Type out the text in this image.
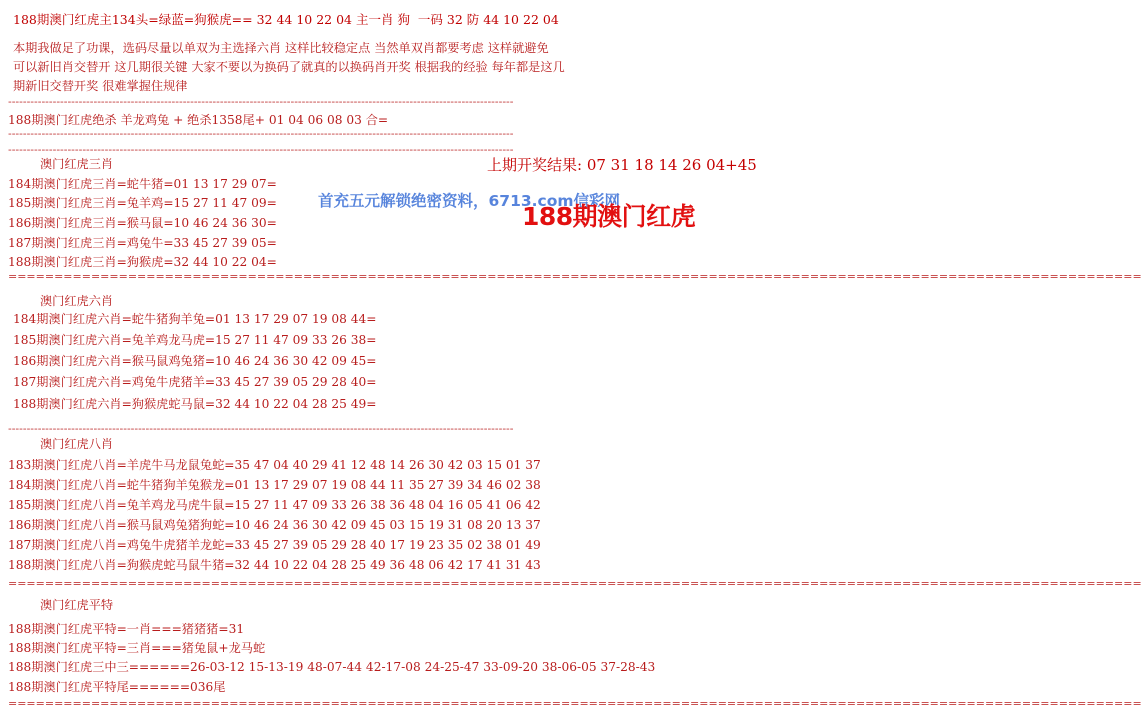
188期澳门红虎主134头=绿蓝=狗猴虎== 32 44 10 22 04 主一肖 狗  一码 32 防 44 10 22 04
本期我做足了功课，选码尽量以单双为主选择六肖 这样比较稳定点 当然单双肖都要考虑 这样就避免
可以新旧肖交替开 这几期很关键 大家不要以为换码了就真的以换码肖开奖 根据我的经验 每年都是这几
期新旧交替开奖 很难掌握住规律
----------------------------------------------------------------------------------------------------------------------------------------
188期澳门红虎绝杀 羊龙鸡兔 + 绝杀1358尾+ 01 04 06 08 03 合=
----------------------------------------------------------------------------------------------------------------------------------------
----------------------------------------------------------------------------------------------------------------------------------------
澳门红虎三肖
184期澳门红虎三肖=蛇牛猪=01 13 17 29 07=
185期澳门红虎三肖=兔羊鸡=15 27 11 47 09=
186期澳门红虎三肖=猴马鼠=10 46 24 36 30=
187期澳门红虎三肖=鸡兔牛=33 45 27 39 05=
188期澳门红虎三肖=狗猴虎=32 44 10 22 04=
===========================================================================================================================
上期开奖结果: 07 31 18 14 26 04+45
首充五元解锁绝密资料，6713.com信彩网
188期澳门红虎
澳门红虎六肖
184期澳门红虎六肖=蛇牛猪狗羊兔=01 13 17 29 07 19 08 44=
185期澳门红虎六肖=兔羊鸡龙马虎=15 27 11 47 09 33 26 38=
186期澳门红虎六肖=猴马鼠鸡兔猪=10 46 24 36 30 42 09 45=
187期澳门红虎六肖=鸡兔牛虎猪羊=33 45 27 39 05 29 28 40=
188期澳门红虎六肖=狗猴虎蛇马鼠=32 44 10 22 04 28 25 49=
----------------------------------------------------------------------------------------------------------------------------------------
澳门红虎八肖
183期澳门红虎八肖=羊虎牛马龙鼠兔蛇=35 47 04 40 29 41 12 48 14 26 30 42 03 15 01 37
184期澳门红虎八肖=蛇牛猪狗羊兔猴龙=01 13 17 29 07 19 08 44 11 35 27 39 34 46 02 38
185期澳门红虎八肖=兔羊鸡龙马虎牛鼠=15 27 11 47 09 33 26 38 36 48 04 16 05 41 06 42
186期澳门红虎八肖=猴马鼠鸡兔猪狗蛇=10 46 24 36 30 42 09 45 03 15 19 31 08 20 13 37
187期澳门红虎八肖=鸡兔牛虎猪羊龙蛇=33 45 27 39 05 29 28 40 17 19 23 35 02 38 01 49
188期澳门红虎八肖=狗猴虎蛇马鼠牛猪=32 44 10 22 04 28 25 49 36 48 06 42 17 41 31 43
===========================================================================================================================
澳门红虎平特
188期澳门红虎平特=一肖===猪猪猪=31
188期澳门红虎平特=三肖===猪兔鼠+龙马蛇
188期澳门红虎三中三======26-03-12 15-13-19 48-07-44 42-17-08 24-25-47 33-09-20 38-06-05 37-28-43
188期澳门红虎平特尾======036尾
===========================================================================================================================
